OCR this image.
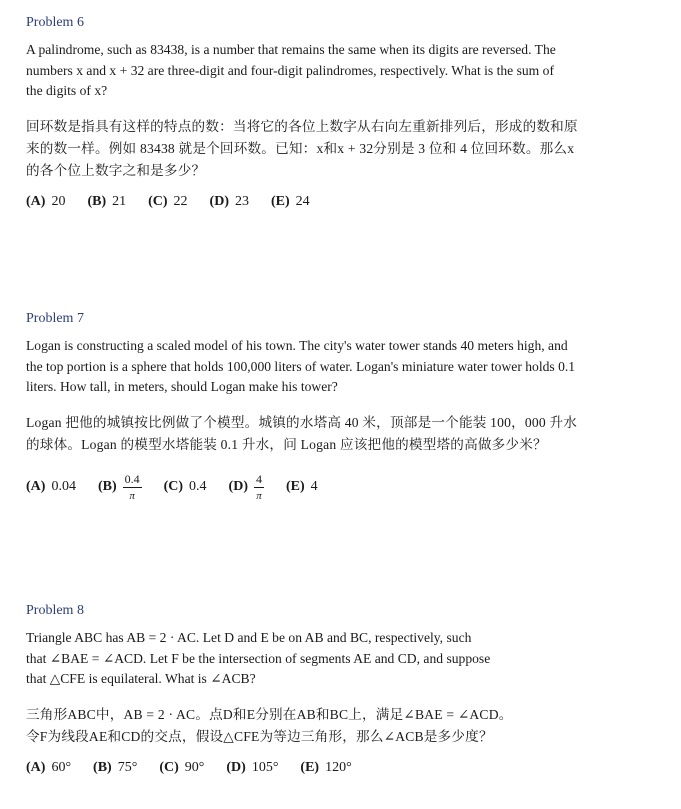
Problem 6

A palindrome, such as 83438, is a number that remains the same when its digits are reversed. The
numbers x and x + 32 are three-digit and four-digit palindromes, respectively. What is the sum of
the digits of x?

回环数是指具有这样的特点的数：当将它的各位上数字从右向左重新排列后，形成的数和原
来的数一样。例如 83438 就是个回环数。已知：x和x + 32分别是 3 位和 4 位回环数。那么x
的各个位上数字之和是多少？

(A) 20 (B) 21 (C) 22 (D) 23 (E) 24
Problem 7

Logan is constructing a scaled model of his town. The city's water tower stands 40 meters high, and
the top portion is a sphere that holds 100,000 liters of water. Logan's miniature water tower holds 0.1
liters. How tall, in meters, should Logan make his tower?

Logan 把他的城镇按比例做了个模型。城镇的水塔高 40 米，顶部是一个能装 100，000 升水
的球体。Logan 的模型水塔能装 0.1 升水，问 Logan 应该把他的模型塔的高做多少米？

(A) 0.04 $(B) \frac{0.4}{\pi} (C)$ 0.4 $(D) \frac{4}{\pi} (E)$ 4
Problem 8

Triangle ABC has AB = 2 · AC. Let D and E be on AB and BC, respectively, such
that ∠BAE = ∠ACD. Let F be the intersection of segments AE and CD, and suppose
that △CFE is equilateral. What is ∠ACB?

三角形ABC中，AB = 2 · AC。点D和E分别在AB和BC上，满足∠BAE = ∠ACD。
令F为线段AE和CD的交点，假设△CFE为等边三角形，那么∠ACB是多少度？

(A) 60° (B) 75° (C) 90° (D) 105° (E) 120°
